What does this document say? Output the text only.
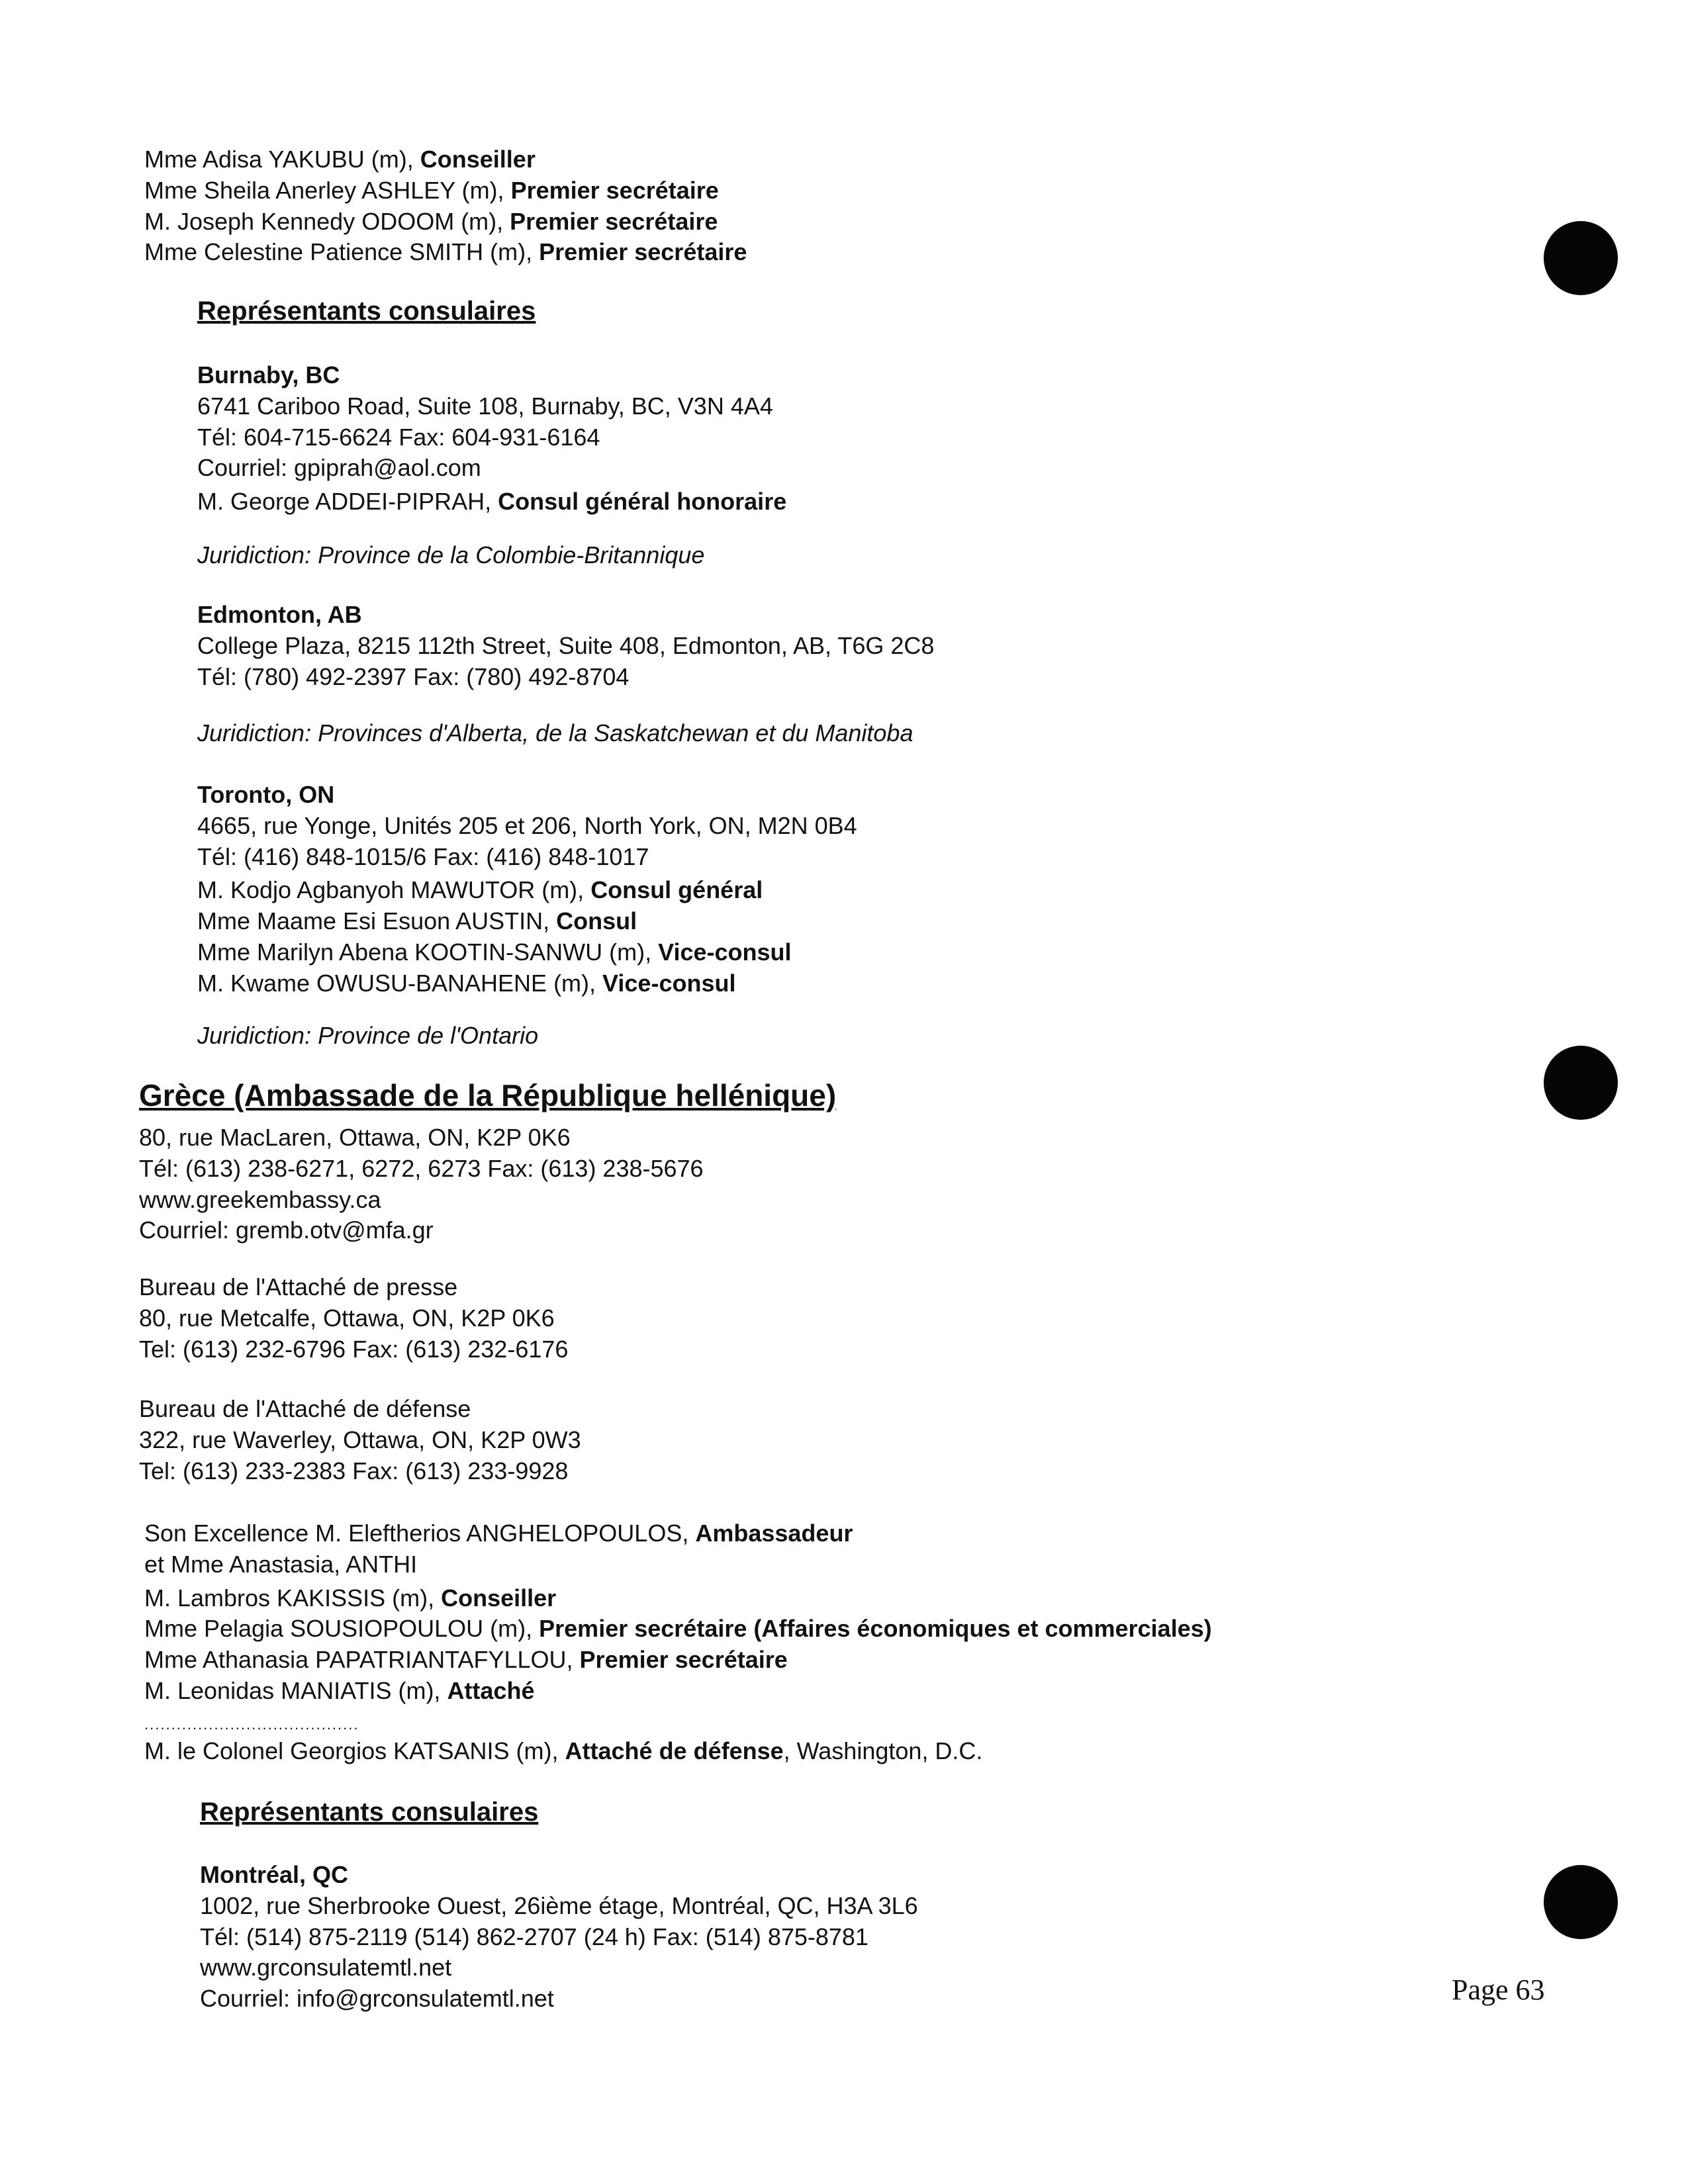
Mme Adisa YAKUBU (m), Conseiller
Mme Sheila Anerley ASHLEY (m), Premier secrétaire
M. Joseph Kennedy ODOOM (m), Premier secrétaire
Mme Celestine Patience SMITH (m), Premier secrétaire
Représentants consulaires
Burnaby, BC
6741 Cariboo Road, Suite 108, Burnaby, BC, V3N 4A4
Tél: 604-715-6624 Fax: 604-931-6164
Courriel: gpiprah@aol.com
M. George ADDEI-PIPRAH, Consul général honoraire
Juridiction: Province de la Colombie-Britannique
Edmonton, AB
College Plaza, 8215 112th Street, Suite 408, Edmonton, AB, T6G 2C8
Tél: (780) 492-2397 Fax: (780) 492-8704
Juridiction: Provinces d'Alberta, de la Saskatchewan et du Manitoba
Toronto, ON
4665, rue Yonge, Unités 205 et 206, North York, ON, M2N 0B4
Tél: (416) 848-1015/6 Fax: (416) 848-1017
M. Kodjo Agbanyoh MAWUTOR (m), Consul général
Mme Maame Esi Esuon AUSTIN, Consul
Mme Marilyn Abena KOOTIN-SANWU (m), Vice-consul
M. Kwame OWUSU-BANAHENE (m), Vice-consul
Juridiction: Province de l'Ontario
Grèce (Ambassade de la République hellénique)
80, rue MacLaren, Ottawa, ON, K2P 0K6
Tél: (613) 238-6271, 6272, 6273 Fax: (613) 238-5676
www.greekembassy.ca
Courriel: gremb.otv@mfa.gr
Bureau de l'Attaché de presse
80, rue Metcalfe, Ottawa, ON, K2P 0K6
Tel: (613) 232-6796 Fax: (613) 232-6176
Bureau de l'Attaché de défense
322, rue Waverley, Ottawa, ON, K2P 0W3
Tel: (613) 233-2383 Fax: (613) 233-9928
Son Excellence M. Eleftherios ANGHELOPOULOS, Ambassadeur
et Mme Anastasia, ANTHI
M. Lambros KAKISSIS (m), Conseiller
Mme Pelagia SOUSIOPOULOU (m), Premier secrétaire (Affaires économiques et commerciales)
Mme Athanasia PAPATRIANTAFYLLOU, Premier secrétaire
M. Leonidas MANIATIS (m), Attaché
........................................
M. le Colonel Georgios KATSANIS (m), Attaché de défense, Washington, D.C.
Représentants consulaires
Montréal, QC
1002, rue Sherbrooke Ouest, 26ième étage, Montréal, QC, H3A 3L6
Tél: (514) 875-2119 (514) 862-2707 (24 h) Fax: (514) 875-8781
www.grconsulatemtl.net
Courriel: info@grconsulatemtl.net	Page 63
